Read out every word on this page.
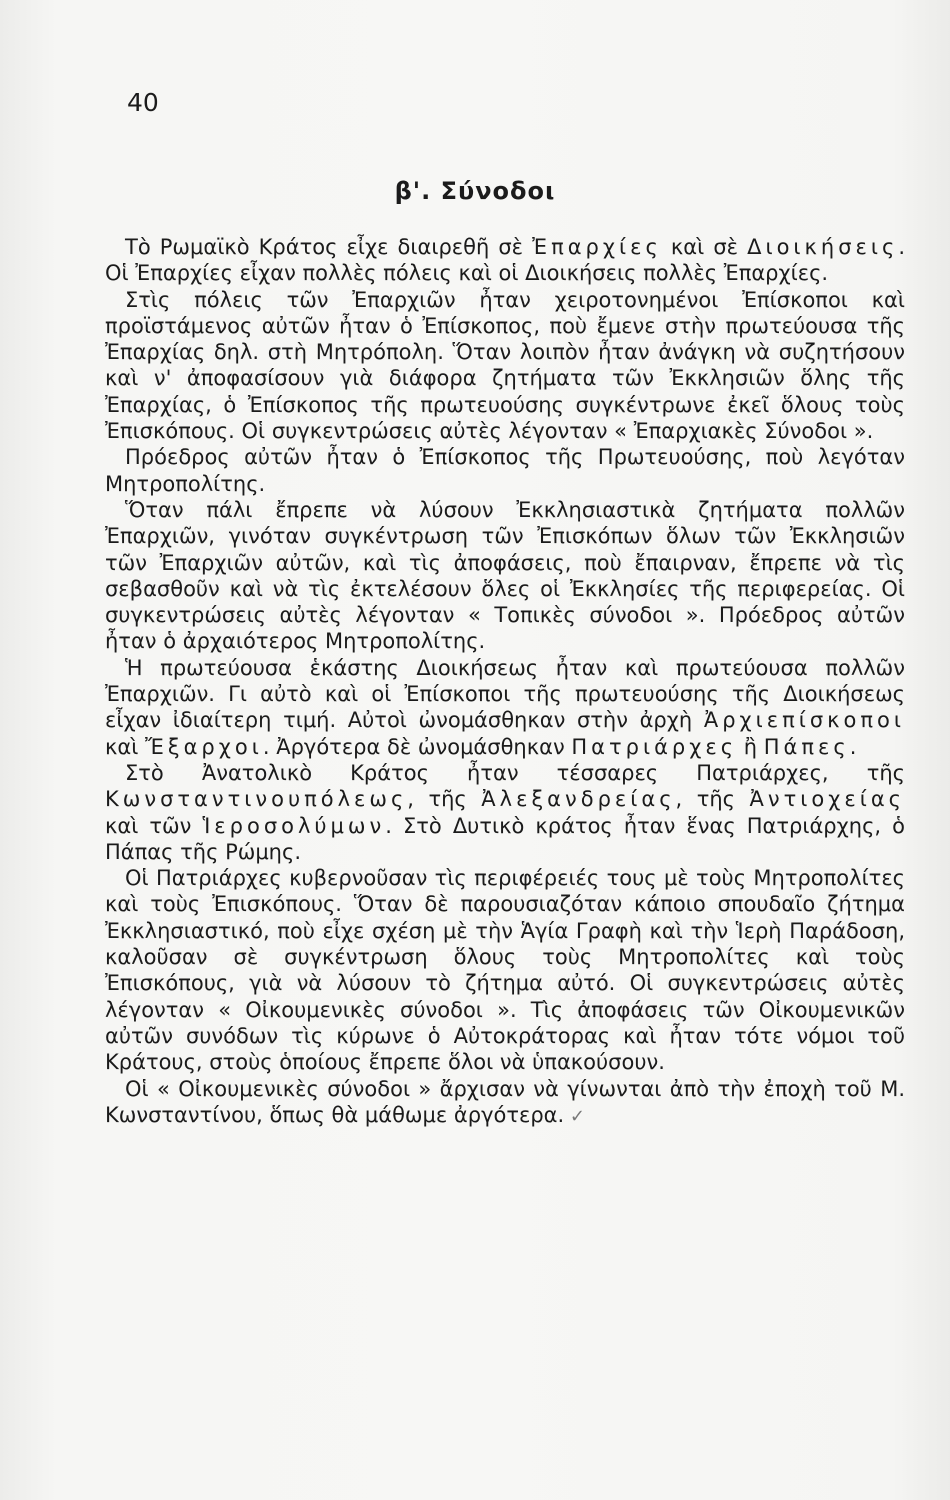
40
β'. Σύνοδοι

Τὸ Ρωμαϊκὸ Κράτος εἶχε διαιρεθῆ σὲ Ἐπαρχίες καὶ σὲ Διοικήσεις. Οἱ Ἐπαρχίες εἶχαν πολλὲς πόλεις καὶ οἱ Διοικήσεις πολλὲς Ἐπαρχίες.

Στὶς πόλεις τῶν Ἐπαρχιῶν ἦταν χειροτονημένοι Ἐπίσκοποι καὶ προϊστάμενος αὐτῶν ἦταν ὁ Ἐπίσκοπος, ποὺ ἔμενε στὴν πρωτεύουσα τῆς Ἐπαρχίας δηλ. στὴ Μητρόπολη. Ὅταν λοιπὸν ἦταν ἀνάγκη νὰ συζητήσουν καὶ ν' ἀποφασίσουν γιὰ διάφορα ζητήματα τῶν Ἐκκλησιῶν ὅλης τῆς Ἐπαρχίας, ὁ Ἐπίσκοπος τῆς πρωτευούσης συγκέντρωνε ἐκεῖ ὅλους τοὺς Ἐπισκόπους. Οἱ συγκεντρώσεις αὐτὲς λέγονταν « Ἐπαρχιακὲς Σύνοδοι ».

Πρόεδρος αὐτῶν ἦταν ὁ Ἐπίσκοπος τῆς Πρωτευούσης, ποὺ λεγόταν Μητροπολίτης.

Ὅταν πάλι ἔπρεπε νὰ λύσουν Ἐκκλησιαστικὰ ζητήματα πολλῶν Ἐπαρχιῶν, γινόταν συγκέντρωση τῶν Ἐπισκόπων ὅλων τῶν Ἐκκλησιῶν τῶν Ἐπαρχιῶν αὐτῶν, καὶ τὶς ἀποφάσεις, ποὺ ἔπαιρναν, ἔπρεπε νὰ τὶς σεβασθοῦν καὶ νὰ τὶς ἐκτελέσουν ὅλες οἱ Ἐκκλησίες τῆς περιφερείας. Οἱ συγκεντρώσεις αὐτὲς λέγονταν « Τοπικὲς σύνοδοι ». Πρόεδρος αὐτῶν ἦταν ὁ ἀρχαιότερος Μητροπολίτης.

Ἡ πρωτεύουσα ἑκάστης Διοικήσεως ἦταν καὶ πρωτεύουσα πολλῶν Ἐπαρχιῶν. Γι αὐτὸ καὶ οἱ Ἐπίσκοποι τῆς πρωτευούσης τῆς Διοικήσεως εἶχαν ἰδιαίτερη τιμή. Αὐτοὶ ὠνομάσθηκαν στὴν ἀρχὴ Ἀρχιεπίσκοποι καὶ Ἔξαρχοι. Ἀργότερα δὲ ὠνομάσθηκαν Πατριάρχες ἢ Πάπες.

Στὸ Ἀνατολικὸ Κράτος ἦταν τέσσαρες Πατριάρχες, τῆς Κωνσταντινουπόλεως, τῆς Ἀλεξανδρείας, τῆς Ἀντιοχείας καὶ τῶν Ἱεροσολύμων. Στὸ Δυτικὸ κράτος ἦταν ἕνας Πατριάρχης, ὁ Πάπας τῆς Ρώμης.

Οἱ Πατριάρχες κυβερνοῦσαν τὶς περιφέρειές τους μὲ τοὺς Μητροπολίτες καὶ τοὺς Ἐπισκόπους. Ὅταν δὲ παρουσιαζόταν κάποιο σπουδαῖο ζήτημα Ἐκκλησιαστικό, ποὺ εἶχε σχέση μὲ τὴν Ἁγία Γραφὴ καὶ τὴν Ἱερὴ Παράδοση, καλοῦσαν σὲ συγκέντρωση ὅλους τοὺς Μητροπολίτες καὶ τοὺς Ἐπισκόπους, γιὰ νὰ λύσουν τὸ ζήτημα αὐτό. Οἱ συγκεντρώσεις αὐτὲς λέγονταν « Οἰκουμενικὲς σύνοδοι ». Τὶς ἀποφάσεις τῶν Οἰκουμενικῶν αὐτῶν συνόδων τὶς κύρωνε ὁ Αὐτοκράτορας καὶ ἦταν τότε νόμοι τοῦ Κράτους, στοὺς ὁποίους ἔπρεπε ὅλοι νὰ ὑπακούσουν.

Οἱ « Οἰκουμενικὲς σύνοδοι » ἄρχισαν νὰ γίνωνται ἀπὸ τὴν ἐποχὴ τοῦ Μ. Κωνσταντίνου, ὅπως θὰ μάθωμε ἀργότερα. ✓
